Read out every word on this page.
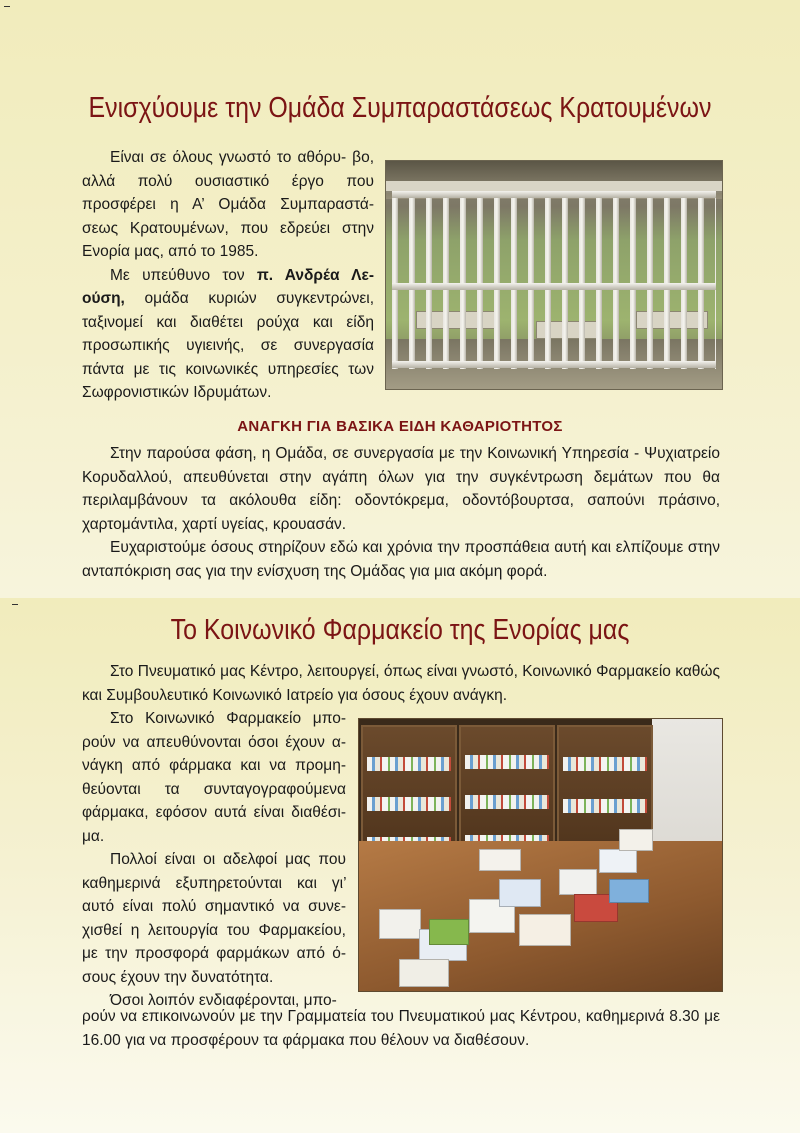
Ενισχύουμε την Ομάδα Συμπαραστάσεως Κρατουμένων

Είναι σε όλους γνωστό το αθόρυ- βο, αλλά πολύ ουσιαστικό έργο που προσφέρει η Α’ Ομάδα Συμπαραστά- σεως Κρατουμένων, που εδρεύει στην Ενορία μας, από το 1985.

Με υπεύθυνο τον π. Ανδρέα Λε- ούση, ομάδα κυριών συγκεντρώνει, ταξινομεί και διαθέτει ρούχα και είδη προσωπικής υγιεινής, σε συνεργασία πάντα με τις κοινωνικές υπηρεσίες των Σωφρονιστικών Ιδρυμάτων.

ΑΝΑΓΚΗ ΓΙΑ ΒΑΣΙΚΑ ΕΙΔΗ ΚΑΘΑΡΙΟΤΗΤΟΣ

Στην παρούσα φάση, η Ομάδα, σε συνεργασία με την Κοινωνική Υπηρεσία - Ψυχιατρείο Κορυδαλλού, απευθύνεται στην αγάπη όλων για την συγκέντρωση δεμάτων που θα περιλαμβάνουν τα ακόλουθα είδη: οδοντόκρεμα, οδοντόβουρτσα, σαπούνι πράσινο, χαρτομάντιλα, χαρτί υγείας, κρουασάν.

Ευχαριστούμε όσους στηρίζουν εδώ και χρόνια την προσπάθεια αυτή και ελπίζουμε στην ανταπόκριση σας για την ενίσχυση της Ομάδας για μια ακόμη φορά.

Το Κοινωνικό Φαρμακείο της Ενορίας μας

Στο Πνευματικό μας Κέντρο, λειτουργεί, όπως είναι γνωστό, Κοινωνικό Φαρμακείο καθώς και Συμβουλευτικό Κοινωνικό Ιατρείο για όσους έχουν ανάγκη.

Στο Κοινωνικό Φαρμακείο μπο- ρούν να απευθύνονται όσοι έχουν α- νάγκη από φάρμακα και να προμη- θεύονται τα συνταγογραφούμενα φάρμακα, εφόσον αυτά είναι διαθέσι-μα.

Πολλοί είναι οι αδελφοί μας που καθημερινά εξυπηρετούνται και γι’ αυτό είναι πολύ σημαντικό να συνε- χισθεί η λειτουργία του Φαρμακείου, με την προσφορά φαρμάκων από ό- σους έχουν την δυνατότητα.

Όσοι λοιπόν ενδιαφέρονται, μπο-

ρούν να επικοινωνούν με την Γραμματεία του Πνευματικού μας Κέντρου, καθημερινά 8.30 με 16.00 για να προσφέρουν τα φάρμακα που θέλουν να διαθέσουν.
